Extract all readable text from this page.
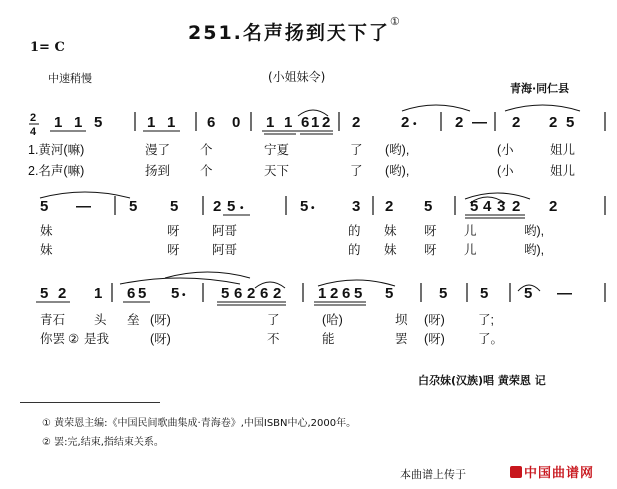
251.名声扬到天下了①
1= C
中速稍慢	(小姐妹令)
青海·同仁县
2
4
1 1 5	1 1 6 0 1 1 6 1 2 2	2 •	2 — 2 2 5
1.黄河(嘛)	漫了 个	宁夏	了 (哟),	(小	姐儿
2.名声(嘛)	扬到 个	天下	了 (哟),	(小	姐儿
5 —	5 5 2 5 •	5 • 3 2 5	5 4 3 2 2
妹	呀	阿哥	的 妹 呀 儿	哟),
妹	呀	阿哥	的 妹 呀 儿	哟),
5 2 1 6 5 5 • 5 6 2 6 2 1 2 6 5 5	5 5 5 —
青石 头 垒 (呀)	了	(哈)	坝 (呀)	了;
你罢 ② 是我	(呀)	不	能	罢 (呀)	了。
白尕妹(汉族)唱 黄荣恩 记
① 黄荣恩主编:《中国民间歌曲集成·青海卷》,中国ISBN中心,2000年。
② 罢:完,结束,指结束关系。
本曲谱上传于	中国曲谱网
